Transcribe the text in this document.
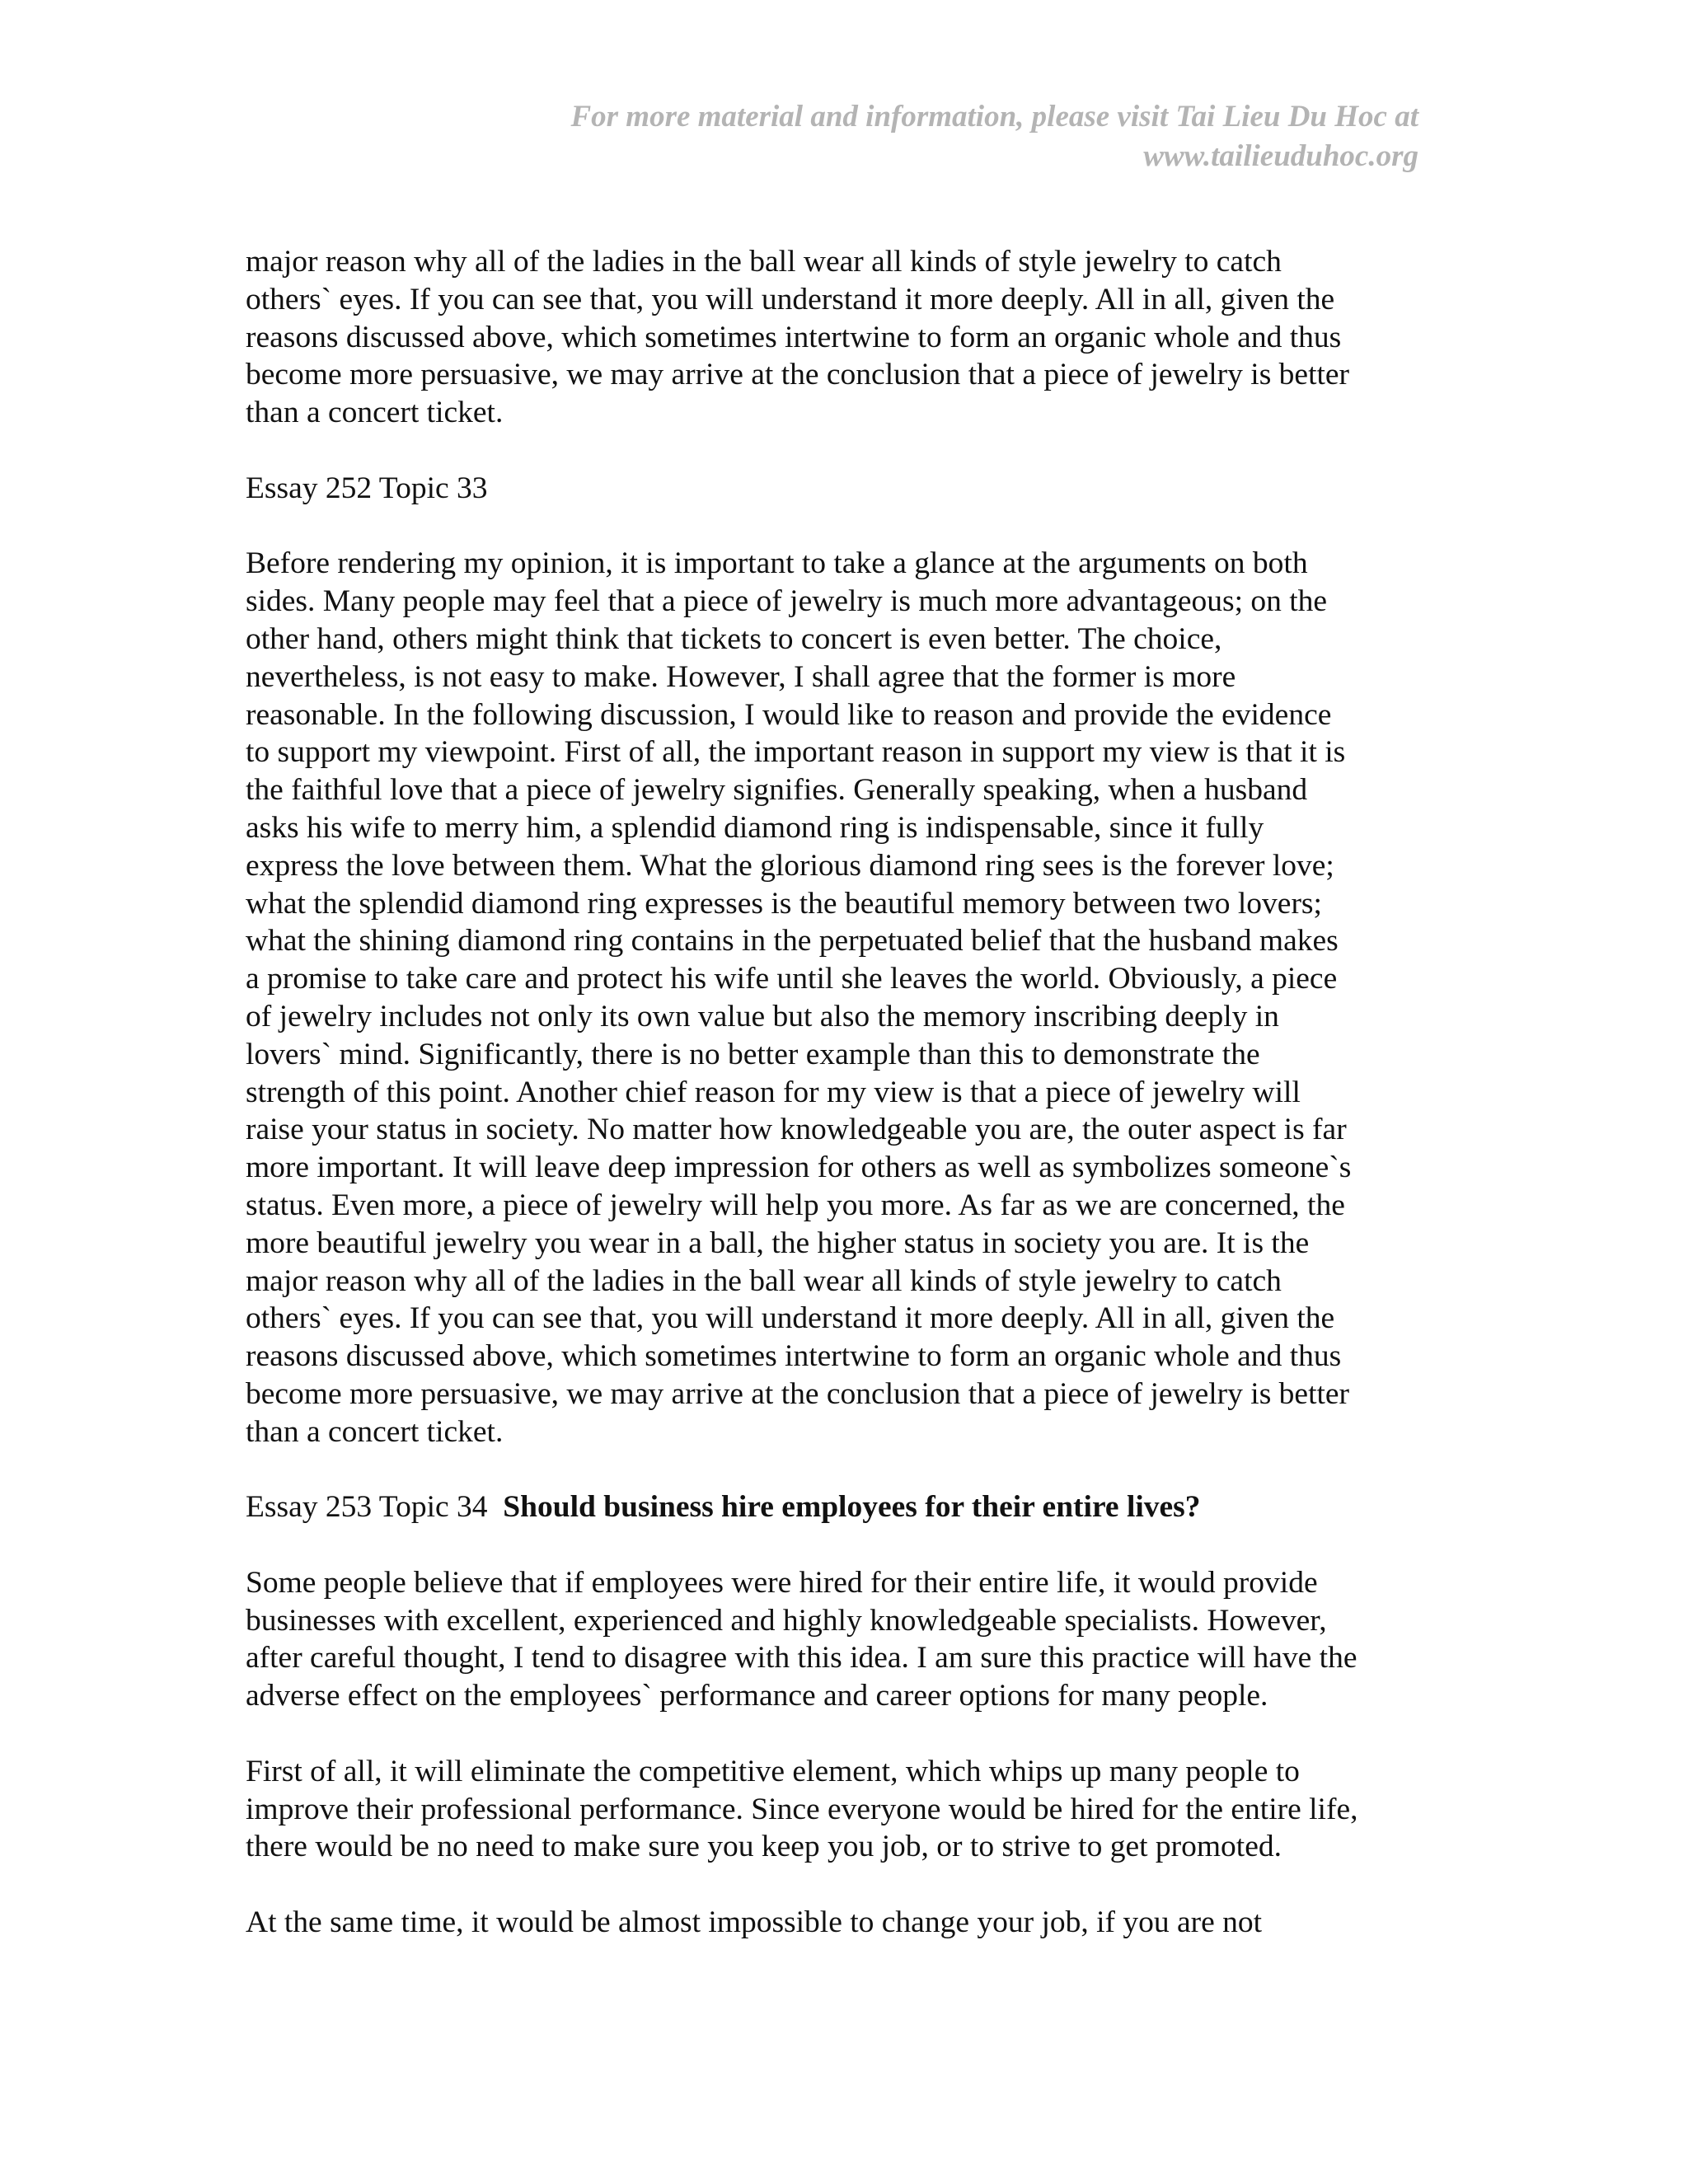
For more material and information, please visit Tai Lieu Du Hoc at
www.tailieuduhoc.org

major reason why all of the ladies in the ball wear all kinds of style jewelry to catch
others` eyes. If you can see that, you will understand it more deeply. All in all, given the
reasons discussed above, which sometimes intertwine to form an organic whole and thus
become more persuasive, we may arrive at the conclusion that a piece of jewelry is better
than a concert ticket.

Essay 252 Topic 33

Before rendering my opinion, it is important to take a glance at the arguments on both
sides. Many people may feel that a piece of jewelry is much more advantageous; on the
other hand, others might think that tickets to concert is even better. The choice,
nevertheless, is not easy to make. However, I shall agree that the former is more
reasonable. In the following discussion, I would like to reason and provide the evidence
to support my viewpoint. First of all, the important reason in support my view is that it is
the faithful love that a piece of jewelry signifies. Generally speaking, when a husband
asks his wife to merry him, a splendid diamond ring is indispensable, since it fully
express the love between them. What the glorious diamond ring sees is the forever love;
what the splendid diamond ring expresses is the beautiful memory between two lovers;
what the shining diamond ring contains in the perpetuated belief that the husband makes
a promise to take care and protect his wife until she leaves the world. Obviously, a piece
of jewelry includes not only its own value but also the memory inscribing deeply in
lovers` mind. Significantly, there is no better example than this to demonstrate the
strength of this point. Another chief reason for my view is that a piece of jewelry will
raise your status in society. No matter how knowledgeable you are, the outer aspect is far
more important. It will leave deep impression for others as well as symbolizes someone`s
status. Even more, a piece of jewelry will help you more. As far as we are concerned, the
more beautiful jewelry you wear in a ball, the higher status in society you are. It is the
major reason why all of the ladies in the ball wear all kinds of style jewelry to catch
others` eyes. If you can see that, you will understand it more deeply. All in all, given the
reasons discussed above, which sometimes intertwine to form an organic whole and thus
become more persuasive, we may arrive at the conclusion that a piece of jewelry is better
than a concert ticket.

Essay 253 Topic 34 Should business hire employees for their entire lives?

Some people believe that if employees were hired for their entire life, it would provide
businesses with excellent, experienced and highly knowledgeable specialists. However,
after careful thought, I tend to disagree with this idea. I am sure this practice will have the
adverse effect on the employees` performance and career options for many people.

First of all, it will eliminate the competitive element, which whips up many people to
improve their professional performance. Since everyone would be hired for the entire life,
there would be no need to make sure you keep you job, or to strive to get promoted.

At the same time, it would be almost impossible to change your job, if you are not
